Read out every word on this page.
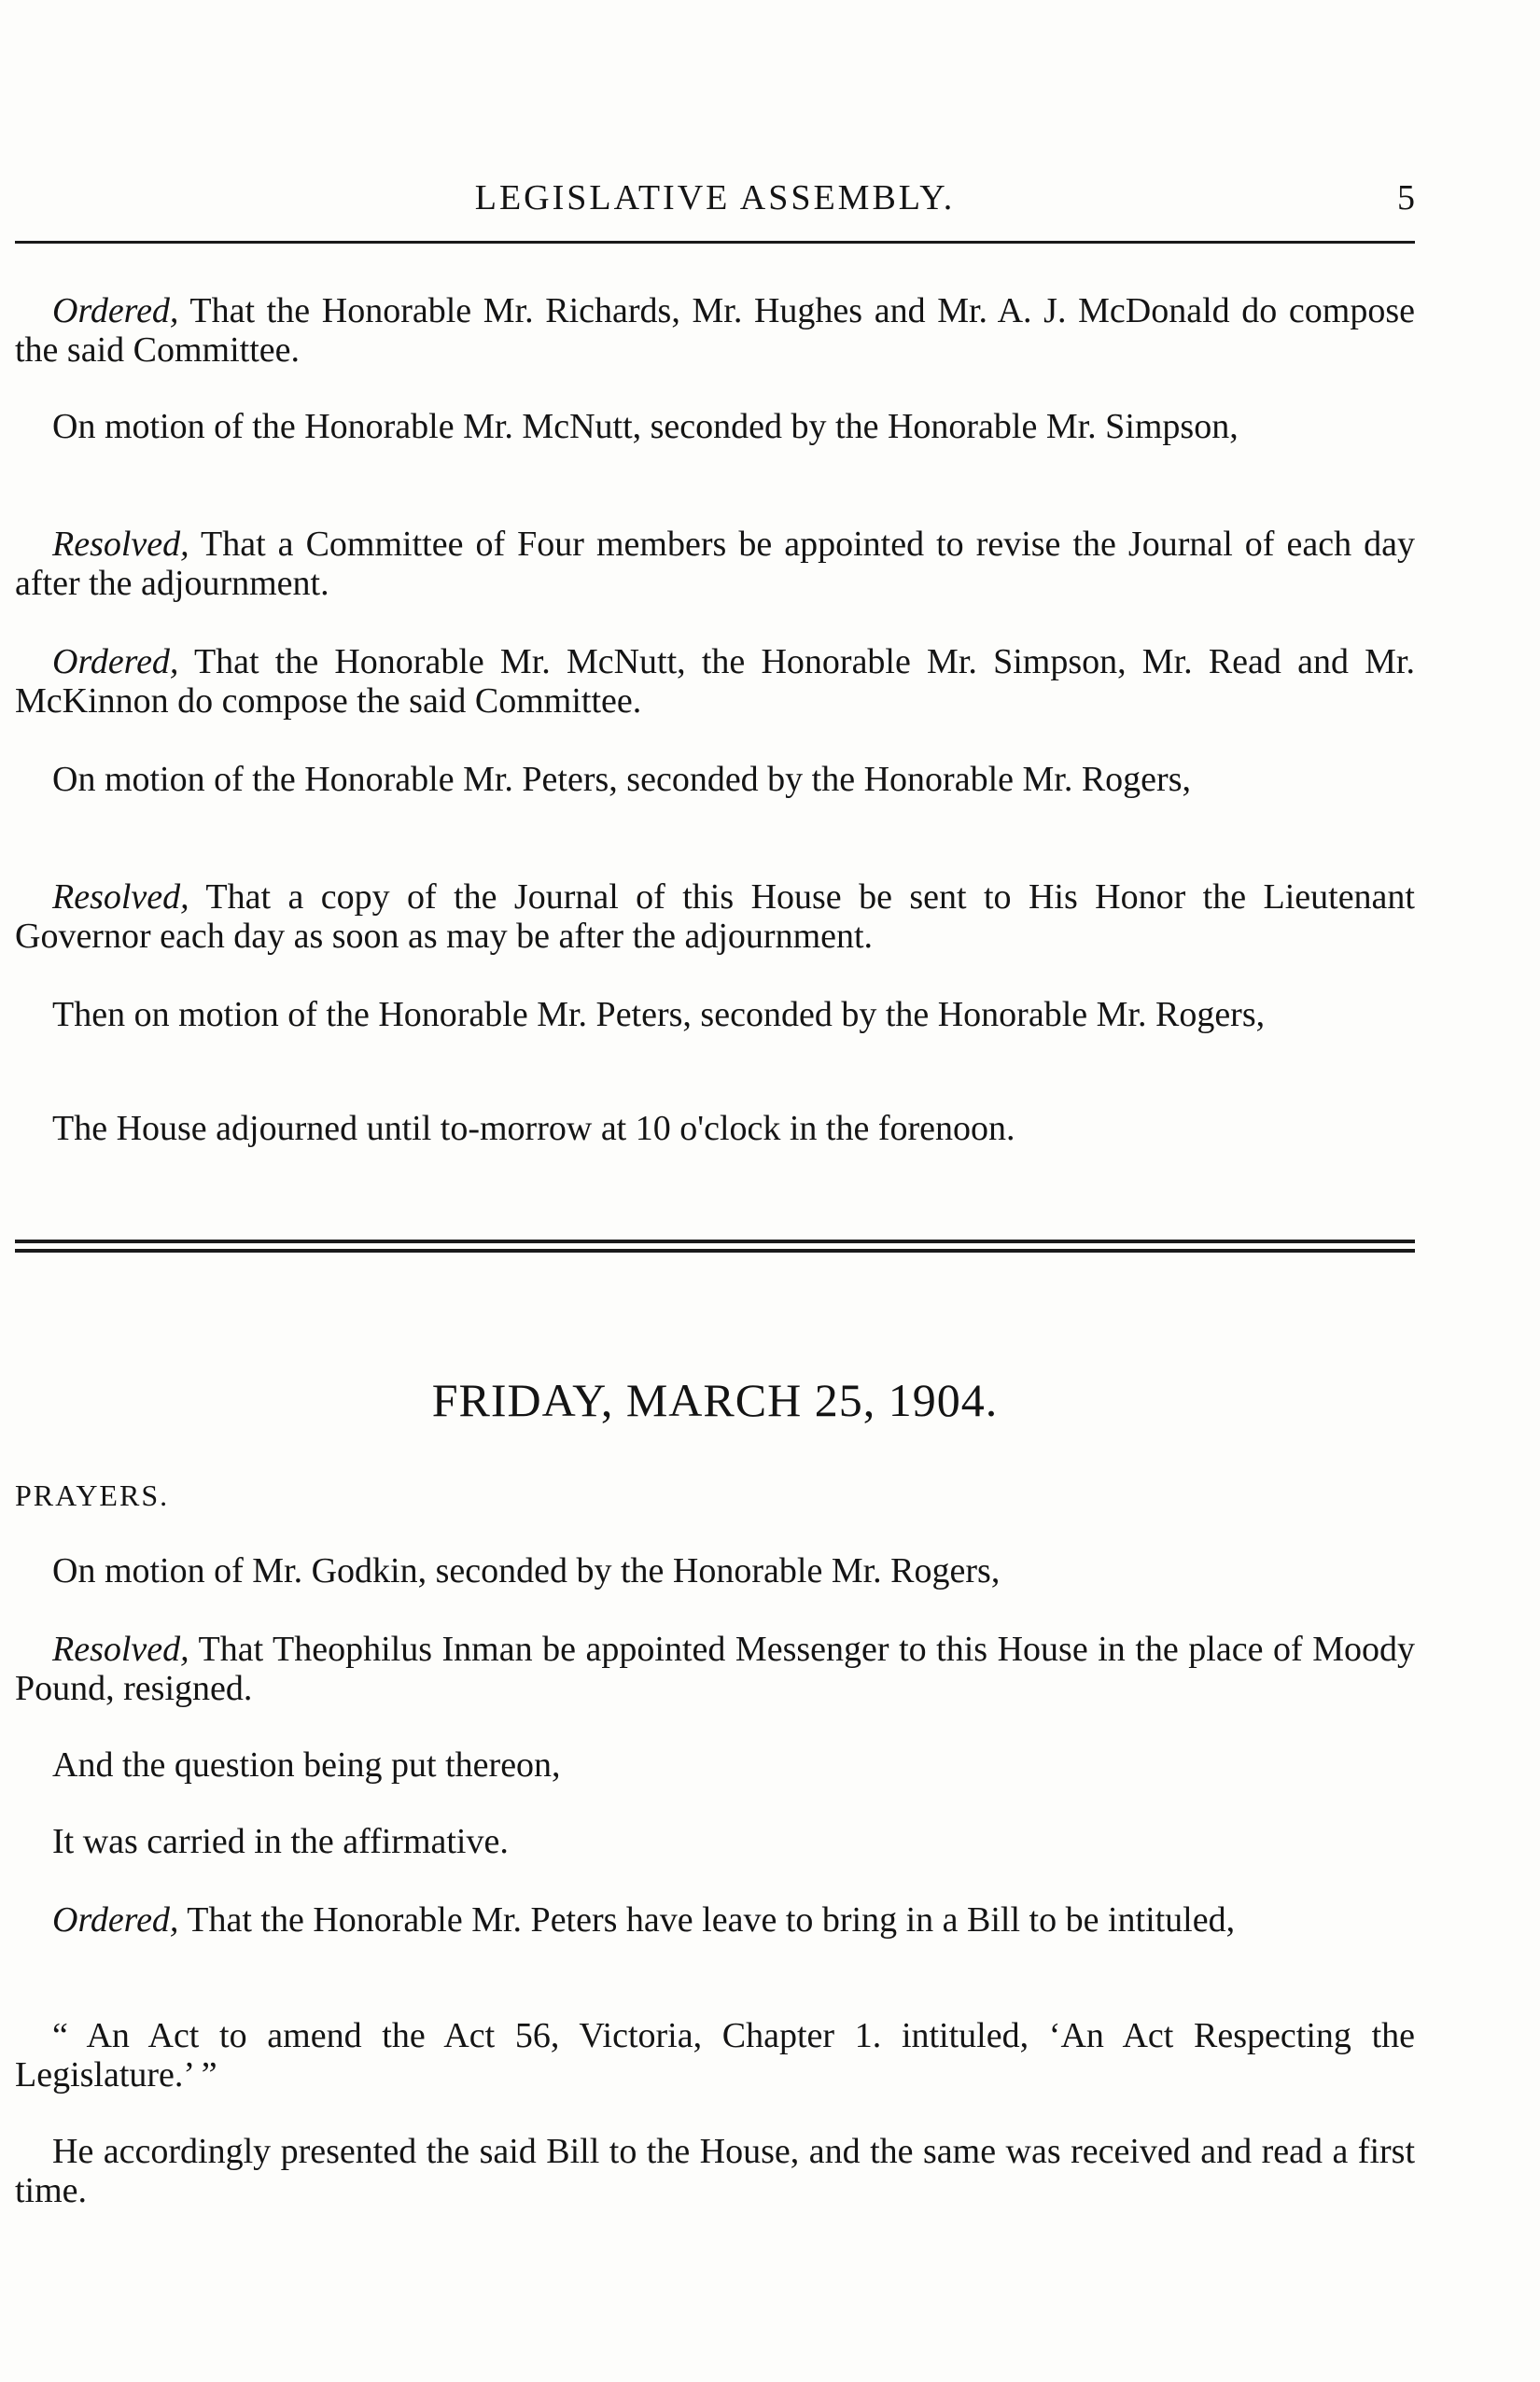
LEGISLATIVE ASSEMBLY.	5

Ordered, That the Honorable Mr. Richards, Mr. Hughes and Mr. A. J. McDonald do compose the said Committee.

On motion of the Honorable Mr. McNutt, seconded by the Honorable Mr. Simpson,

Resolved, That a Committee of Four members be appointed to revise the Journal of each day after the adjournment.

Ordered, That the Honorable Mr. McNutt, the Honorable Mr. Simpson, Mr. Read and Mr. McKinnon do compose the said Committee.

On motion of the Honorable Mr. Peters, seconded by the Honorable Mr. Rogers,

Resolved, That a copy of the Journal of this House be sent to His Honor the Lieutenant Governor each day as soon as may be after the adjournment.

Then on motion of the Honorable Mr. Peters, seconded by the Honorable Mr. Rogers,

The House adjourned until to-morrow at 10 o'clock in the forenoon.

FRIDAY, MARCH 25, 1904.
PRAYERS.

On motion of Mr. Godkin, seconded by the Honorable Mr. Rogers,

Resolved, That Theophilus Inman be appointed Messenger to this House in the place of Moody Pound, resigned.

And the question being put thereon,

It was carried in the affirmative.

Ordered, That the Honorable Mr. Peters have leave to bring in a Bill to be intituled,

“ An Act to amend the Act 56, Victoria, Chapter 1. intituled, ‘An Act Respecting the Legislature.’ ”

He accordingly presented the said Bill to the House, and the same was received and read a first time.
